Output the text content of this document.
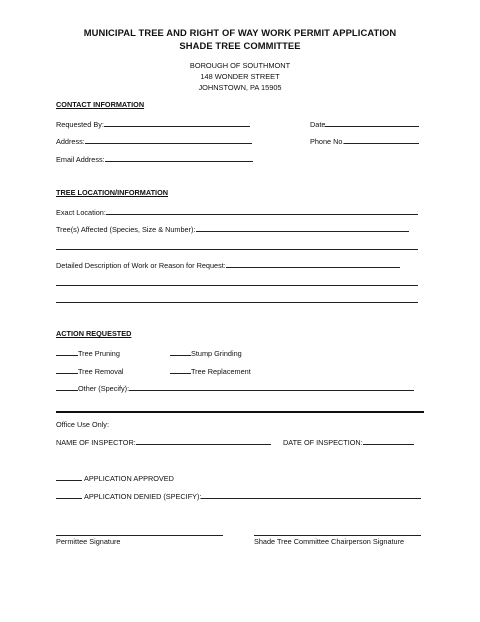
MUNICIPAL TREE AND RIGHT OF WAY WORK PERMIT APPLICATION
SHADE TREE COMMITTEE
BOROUGH OF SOUTHMONT
148 WONDER STREET
JOHNSTOWN, PA 15905
CONTACT INFORMATION
Requested By:	Date
Address:	Phone No.
Email Address:
TREE LOCATION/INFORMATION
Exact Location:
Tree(s) Affected (Species, Size & Number):
Detailed Description of Work or Reason for Request:
ACTION REQUESTED
Tree Pruning	Stump Grinding
Tree Removal	Tree Replacement
Other (Specify):
Office Use Only:
NAME OF INSPECTOR:	DATE OF INSPECTION:
APPLICATION APPROVED
APPLICATION DENIED (SPECIFY):
Permittee Signature	Shade Tree Committee Chairperson Signature
